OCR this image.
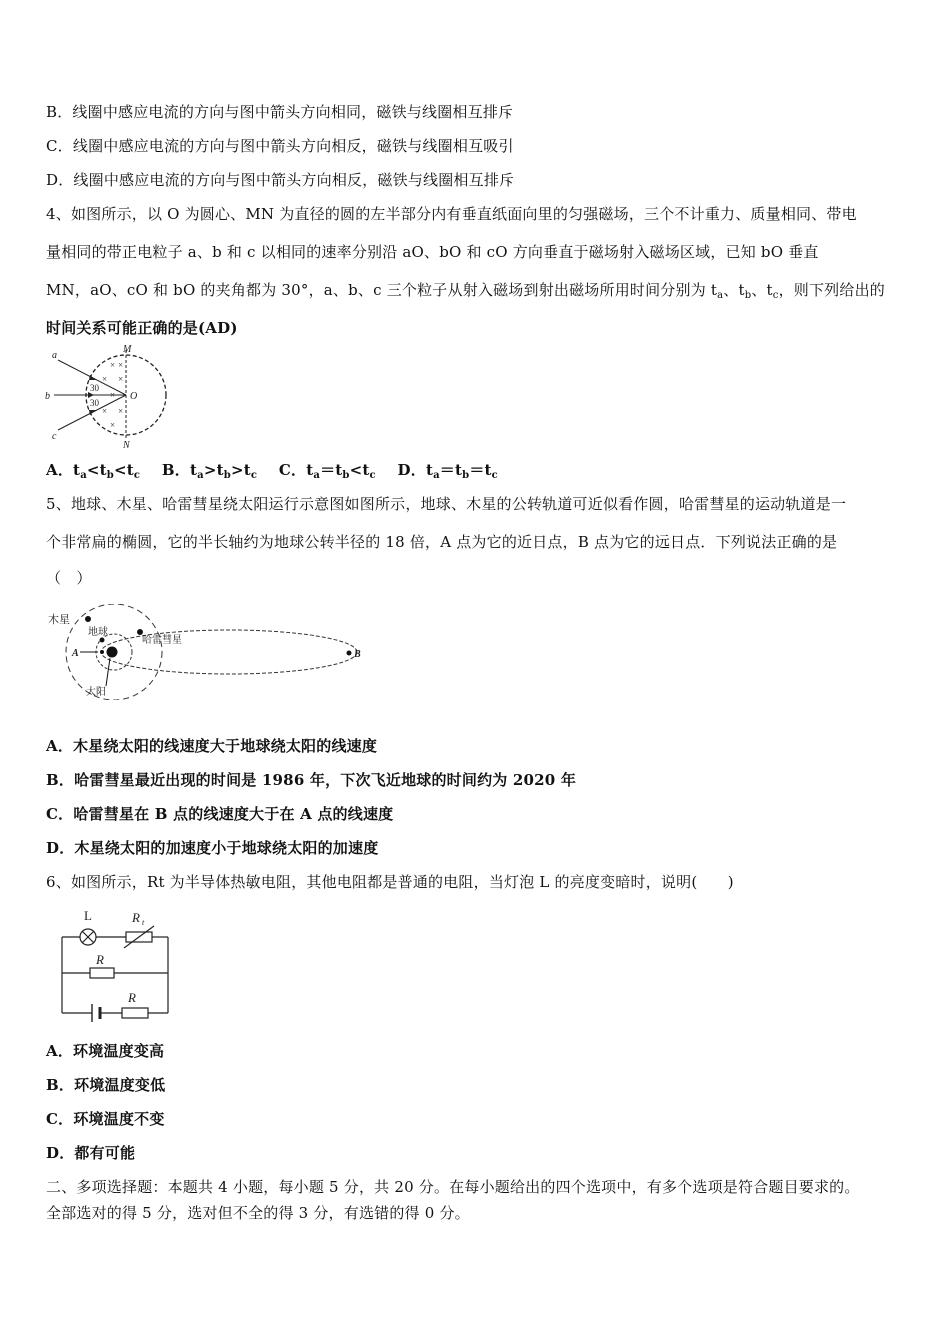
B．线圈中感应电流的方向与图中箭头方向相同，磁铁与线圈相互排斥
C．线圈中感应电流的方向与图中箭头方向相反，磁铁与线圈相互吸引
D．线圈中感应电流的方向与图中箭头方向相反，磁铁与线圈相互排斥
4、如图所示，以 O 为圆心、MN 为直径的圆的左半部分内有垂直纸面向里的匀强磁场，三个不计重力、质量相同、带电
量相同的带正电粒子 a、b 和 c 以相同的速率分别沿 aO、bO 和 cO 方向垂直于磁场射入磁场区域，已知 bO 垂直
MN，aO、cO 和 bO 的夹角都为 30°，a、b、c 三个粒子从射入磁场到射出磁场所用时间分别为 $t_a$、$t_b$、$t_c$，则下列给出的
时间关系可能正确的是(AD)
× ×
× ×
×
× ×
×
M
N
O
a
b
c
30
30
A．$t_a<t_b<t_c$ B．$t_a>t_b>t_c$ C．$t_a=t_b<t_c$ D．$t_a=t_b=t_c$
5、地球、木星、哈雷彗星绕太阳运行示意图如图所示，地球、木星的公转轨道可近似看作圆，哈雷彗星的运动轨道是一
个非常扁的椭圆，它的半长轴约为地球公转半径的 18 倍，A 点为它的近日点，B 点为它的远日点．下列说法正确的是
（　）
木星
地球
哈雷彗星
太阳
A	B
A．木星绕太阳的线速度大于地球绕太阳的线速度
B．哈雷彗星最近出现的时间是 1986 年，下次飞近地球的时间约为 2020 年
C．哈雷彗星在 B 点的线速度大于在 A 点的线速度
D．木星绕太阳的加速度小于地球绕太阳的加速度
6、如图所示，Rt 为半导体热敏电阻，其他电阻都是普通的电阻，当灯泡 L 的亮度变暗时，说明(　　)
L	R t
R
R
A．环境温度变高
B．环境温度变低
C．环境温度不变
D．都有可能
二、多项选择题：本题共 4 小题，每小题 5 分，共 20 分。在每小题给出的四个选项中，有多个选项是符合题目要求的。
全部选对的得 5 分，选对但不全的得 3 分，有选错的得 0 分。
